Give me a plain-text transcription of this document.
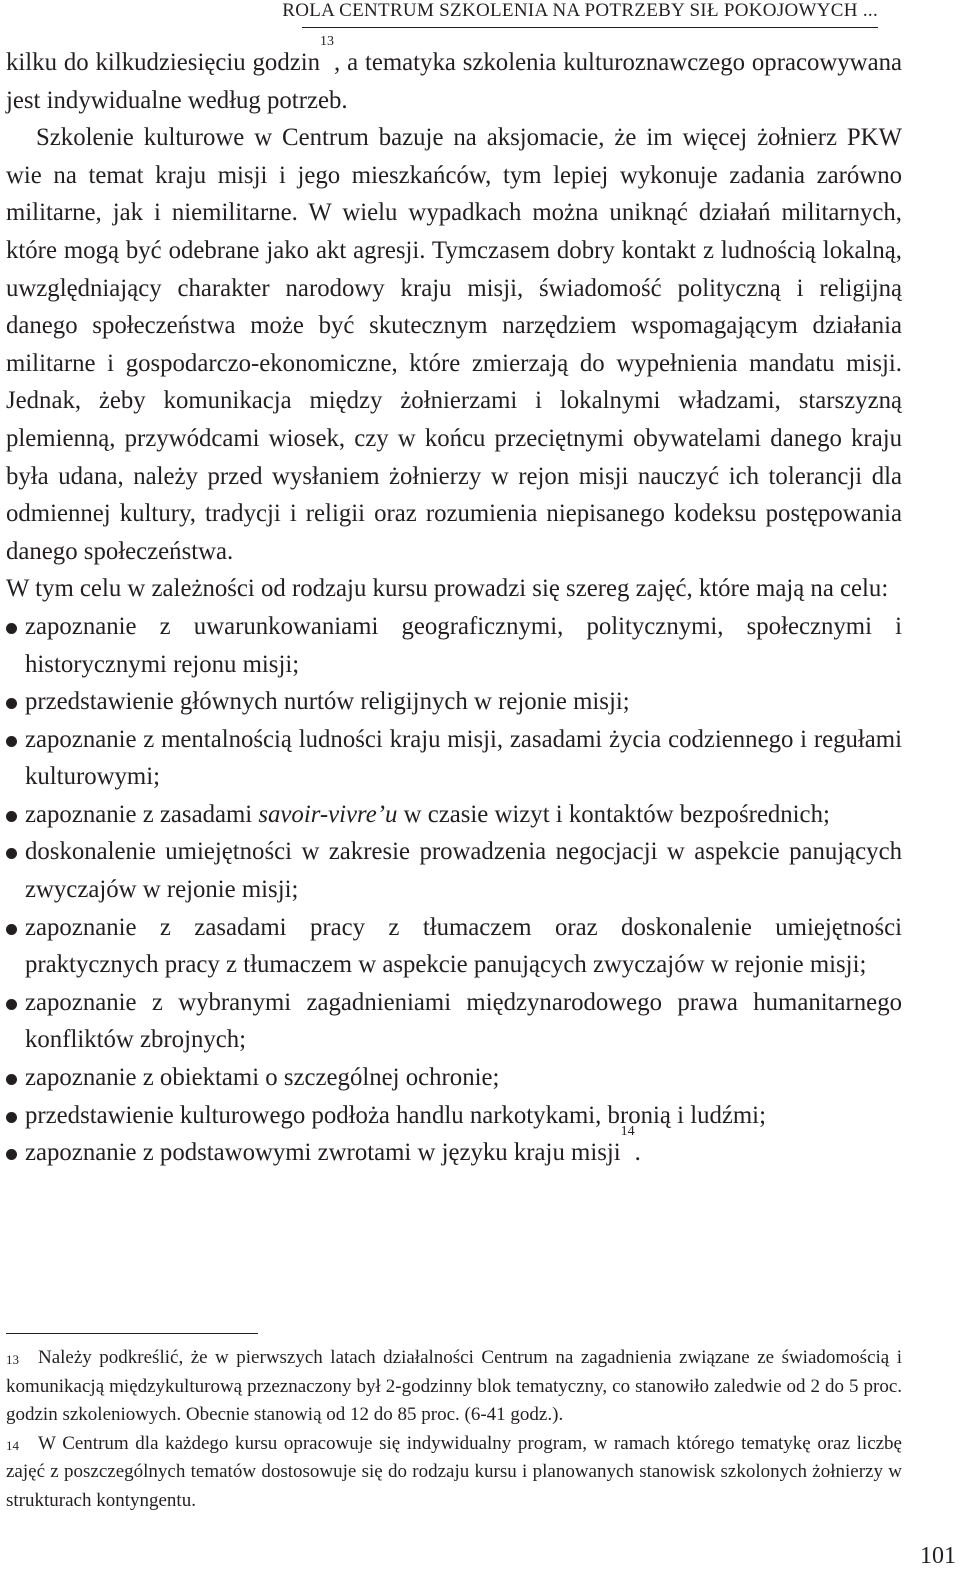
ROLA CENTRUM SZKOLENIA NA POTRZEBY SIŁ POKOJOWYCH ...

kilku do kilkudziesięciu godzin$^{13}$, a tematyka szkolenia kulturoznawczego opracowywana jest indywidualne według potrzeb.

Szkolenie kulturowe w Centrum bazuje na aksjomacie, że im więcej żołnierz PKW wie na temat kraju misji i jego mieszkańców, tym lepiej wykonuje zadania zarówno militarne, jak i niemilitarne. W wielu wypadkach można uniknąć działań militarnych, które mogą być odebrane jako akt agresji. Tymczasem dobry kontakt z ludnością lokalną, uwzględniający charakter narodowy kraju misji, świadomość polityczną i religijną danego społeczeństwa może być skutecznym narzędziem wspomagającym działania militarne i gospodarczo-ekonomiczne, które zmierzają do wypełnienia mandatu misji. Jednak, żeby komunikacja między żołnierzami i lokalnymi władzami, starszyzną plemienną, przywódcami wiosek, czy w końcu przeciętnymi obywatelami danego kraju była udana, należy przed wysłaniem żołnierzy w rejon misji nauczyć ich tolerancji dla odmiennej kultury, tradycji i religii oraz rozumienia niepisanego kodeksu postępowania danego społeczeństwa.

W tym celu w zależności od rodzaju kursu prowadzi się szereg zajęć, które mają na celu:

zapoznanie z uwarunkowaniami geograficznymi, politycznymi, społecznymi i historycznymi rejonu misji;
przedstawienie głównych nurtów religijnych w rejonie misji;
zapoznanie z mentalnością ludności kraju misji, zasadami życia codziennego i regułami kulturowymi;
zapoznanie z zasadami savoir-vivre’u w czasie wizyt i kontaktów bezpośrednich;
doskonalenie umiejętności w zakresie prowadzenia negocjacji w aspekcie panujących zwyczajów w rejonie misji;
zapoznanie z zasadami pracy z tłumaczem oraz doskonalenie umiejętności praktycznych pracy z tłumaczem w aspekcie panujących zwyczajów w rejonie misji;
zapoznanie z wybranymi zagadnieniami międzynarodowego prawa humanitarnego konfliktów zbrojnych;
zapoznanie z obiektami o szczególnej ochronie;
przedstawienie kulturowego podłoża handlu narkotykami, bronią i ludźmi;
zapoznanie z podstawowymi zwrotami w języku kraju misji$^{14}$.

13 Należy podkreślić, że w pierwszych latach działalności Centrum na zagadnienia związane ze świadomością i komunikacją międzykulturową przeznaczony był 2-godzinny blok tematyczny, co stanowiło zaledwie od 2 do 5 proc. godzin szkoleniowych. Obecnie stanowią od 12 do 85 proc. (6-41 godz.).

14 W Centrum dla każdego kursu opracowuje się indywidualny program, w ramach którego tematykę oraz liczbę zajęć z poszczególnych tematów dostosowuje się do rodzaju kursu i planowanych stanowisk szkolonych żołnierzy w strukturach kontyngentu.

101
